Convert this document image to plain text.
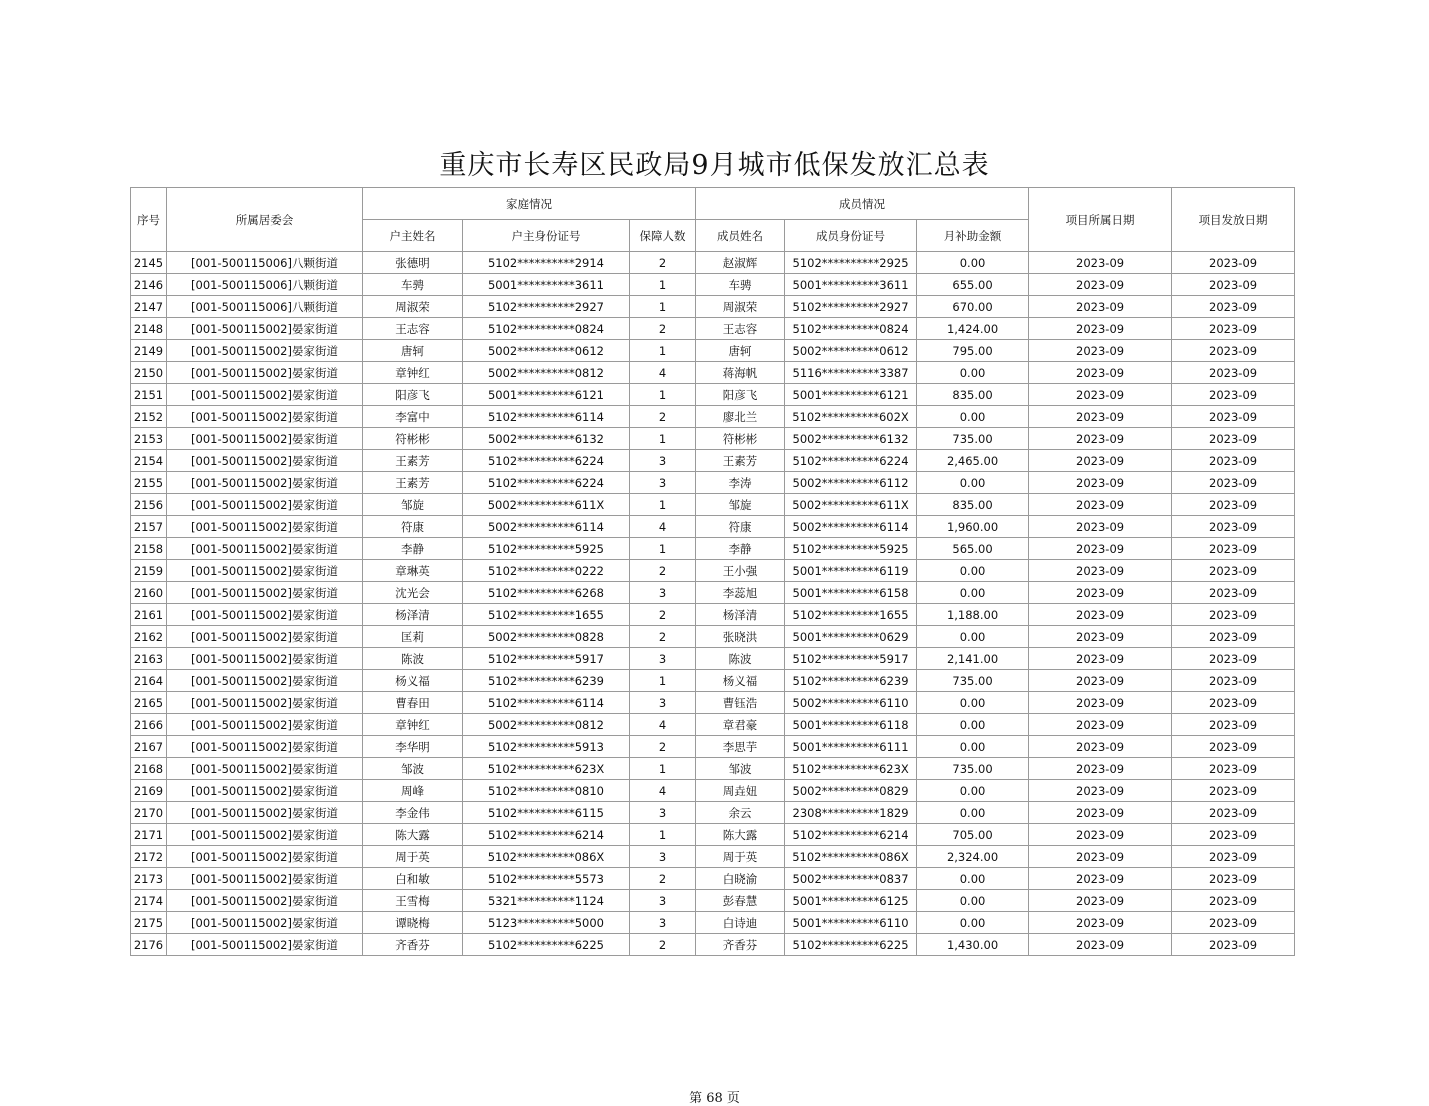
重庆市长寿区民政局9月城市低保发放汇总表
序号	所属居委会	家庭情况			成员情况			项目所属日期	项目发放日期
		户主姓名	户主身份证号	保障人数	成员姓名	成员身份证号	月补助金额		
2145	[001-500115006]八颗街道	张德明	5102**********2914	2	赵淑辉	5102**********2925	0.00	2023-09	2023-09
2146	[001-500115006]八颗街道	车骋	5001**********3611	1	车骋	5001**********3611	655.00	2023-09	2023-09
2147	[001-500115006]八颗街道	周淑荣	5102**********2927	1	周淑荣	5102**********2927	670.00	2023-09	2023-09
2148	[001-500115002]晏家街道	王志容	5102**********0824	2	王志容	5102**********0824	1,424.00	2023-09	2023-09
2149	[001-500115002]晏家街道	唐轲	5002**********0612	1	唐轲	5002**********0612	795.00	2023-09	2023-09
2150	[001-500115002]晏家街道	章钟红	5002**********0812	4	蒋海帆	5116**********3387	0.00	2023-09	2023-09
2151	[001-500115002]晏家街道	阳彦飞	5001**********6121	1	阳彦飞	5001**********6121	835.00	2023-09	2023-09
2152	[001-500115002]晏家街道	李富中	5102**********6114	2	廖北兰	5102**********602X	0.00	2023-09	2023-09
2153	[001-500115002]晏家街道	符彬彬	5002**********6132	1	符彬彬	5002**********6132	735.00	2023-09	2023-09
2154	[001-500115002]晏家街道	王素芳	5102**********6224	3	王素芳	5102**********6224	2,465.00	2023-09	2023-09
2155	[001-500115002]晏家街道	王素芳	5102**********6224	3	李涛	5002**********6112	0.00	2023-09	2023-09
2156	[001-500115002]晏家街道	邹旋	5002**********611X	1	邹旋	5002**********611X	835.00	2023-09	2023-09
2157	[001-500115002]晏家街道	符康	5002**********6114	4	符康	5002**********6114	1,960.00	2023-09	2023-09
2158	[001-500115002]晏家街道	李静	5102**********5925	1	李静	5102**********5925	565.00	2023-09	2023-09
2159	[001-500115002]晏家街道	章琳英	5102**********0222	2	王小强	5001**********6119	0.00	2023-09	2023-09
2160	[001-500115002]晏家街道	沈光会	5102**********6268	3	李蕊旭	5001**********6158	0.00	2023-09	2023-09
2161	[001-500115002]晏家街道	杨泽清	5102**********1655	2	杨泽清	5102**********1655	1,188.00	2023-09	2023-09
2162	[001-500115002]晏家街道	匡莉	5002**********0828	2	张晓洪	5001**********0629	0.00	2023-09	2023-09
2163	[001-500115002]晏家街道	陈波	5102**********5917	3	陈波	5102**********5917	2,141.00	2023-09	2023-09
2164	[001-500115002]晏家街道	杨义福	5102**********6239	1	杨义福	5102**********6239	735.00	2023-09	2023-09
2165	[001-500115002]晏家街道	曹春田	5102**********6114	3	曹钰浩	5002**********6110	0.00	2023-09	2023-09
2166	[001-500115002]晏家街道	章钟红	5002**********0812	4	章君豪	5001**********6118	0.00	2023-09	2023-09
2167	[001-500115002]晏家街道	李华明	5102**********5913	2	李思芋	5001**********6111	0.00	2023-09	2023-09
2168	[001-500115002]晏家街道	邹波	5102**********623X	1	邹波	5102**********623X	735.00	2023-09	2023-09
2169	[001-500115002]晏家街道	周峰	5102**********0810	4	周垚妞	5002**********0829	0.00	2023-09	2023-09
2170	[001-500115002]晏家街道	李金伟	5102**********6115	3	余云	2308**********1829	0.00	2023-09	2023-09
2171	[001-500115002]晏家街道	陈大露	5102**********6214	1	陈大露	5102**********6214	705.00	2023-09	2023-09
2172	[001-500115002]晏家街道	周于英	5102**********086X	3	周于英	5102**********086X	2,324.00	2023-09	2023-09
2173	[001-500115002]晏家街道	白和敏	5102**********5573	2	白晓渝	5002**********0837	0.00	2023-09	2023-09
2174	[001-500115002]晏家街道	王雪梅	5321**********1124	3	彭春慧	5001**********6125	0.00	2023-09	2023-09
2175	[001-500115002]晏家街道	谭晓梅	5123**********5000	3	白诗迪	5001**********6110	0.00	2023-09	2023-09
2176	[001-500115002]晏家街道	齐香芬	5102**********6225	2	齐香芬	5102**********6225	1,430.00	2023-09	2023-09
第 68 页
